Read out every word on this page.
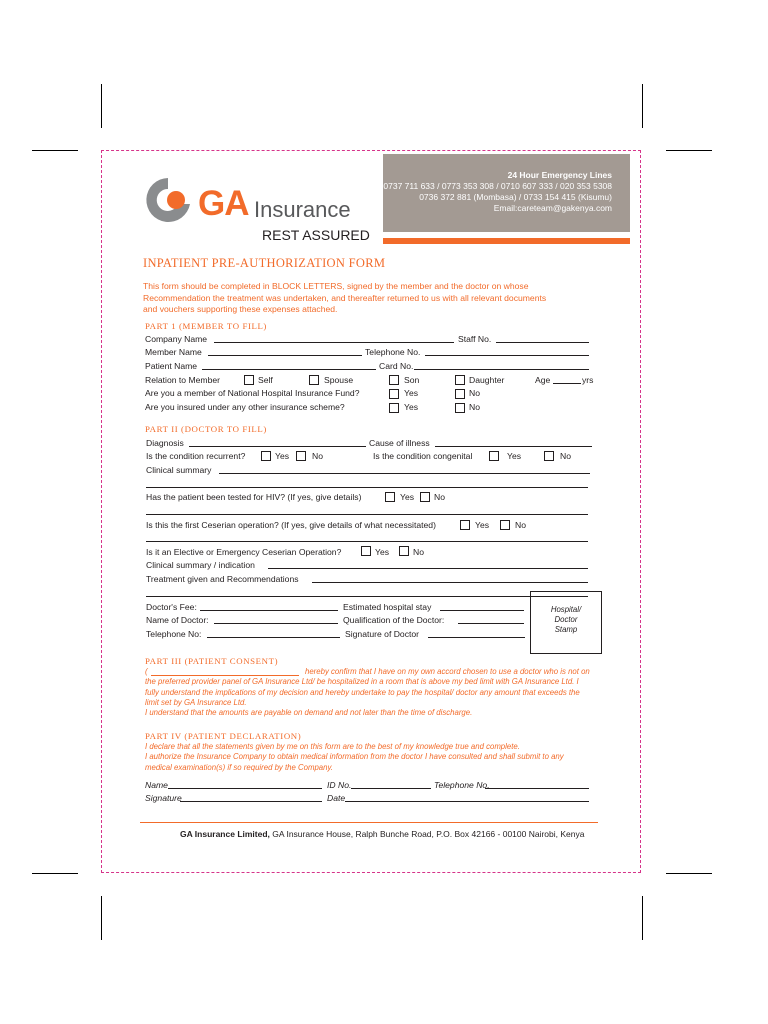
GA Insurance
REST ASSURED
24 Hour Emergency Lines
0737 711 633 / 0773 353 308 / 0710 607 333 / 020 353 5308
0736 372 881 (Mombasa) / 0733 154 415 (Kisumu)
Email:careteam@gakenya.com
INPATIENT PRE-AUTHORIZATION FORM
This form should be completed in BLOCK LETTERS, signed by the member and the doctor on whose
Recommendation the treatment was undertaken, and thereafter returned to us with all relevant documents
and vouchers supporting these expenses attached.
PART 1 (MEMBER TO FILL)
Company Name	Staff No.
Member Name	Telephone No.
Patient Name	Card No.
Relation to Member	Self	Spouse	Son	Daughter	Age	yrs
Are you a member of National Hospital Insurance Fund?	Yes	No
Are you insured under any other insurance scheme?	Yes	No
PART II (DOCTOR TO FILL)
Diagnosis	Cause of illness
Is the condition recurrent?	Yes	No	Is the condition congenital	Yes	No
Clinical summary
Has the patient been tested for HIV? (If yes, give details)	Yes No
Is this the first Ceserian operation? (If yes, give details of what necessitated)	Yes	No
Is it an Elective or Emergency Ceserian Operation?	Yes	No
Clinical summary / indication
Treatment given and Recommendations
Doctor's Fee:	Estimated hospital stay
Name of Doctor:	Qualification of the Doctor:
Telephone No:	Signature of Doctor
Hospital/
Doctor
Stamp
PART III (PATIENT CONSENT)
(	hereby confirm that I have on my own accord chosen to use a doctor who is not on
the preferred provider panel of GA Insurance Ltd/ be hospitalized in a room that is above my bed limit with GA Insurance Ltd. I
fully understand the implications of my decision and hereby undertake to pay the hospital/ doctor any amount that exceeds the
limit set by GA Insurance Ltd.
I understand that the amounts are payable on demand and not later than the time of discharge.
PART IV (PATIENT DECLARATION)
I declare that all the statements given by me on this form are to the best of my knowledge true and complete.
I authorize the Insurance Company to obtain medical information from the doctor I have consulted and shall submit to any
medical examination(s) if so required by the Company.
Name	ID No.	Telephone No.
Signature	Date
GA Insurance Limited, GA Insurance House, Ralph Bunche Road, P.O. Box 42166 - 00100 Nairobi, Kenya
